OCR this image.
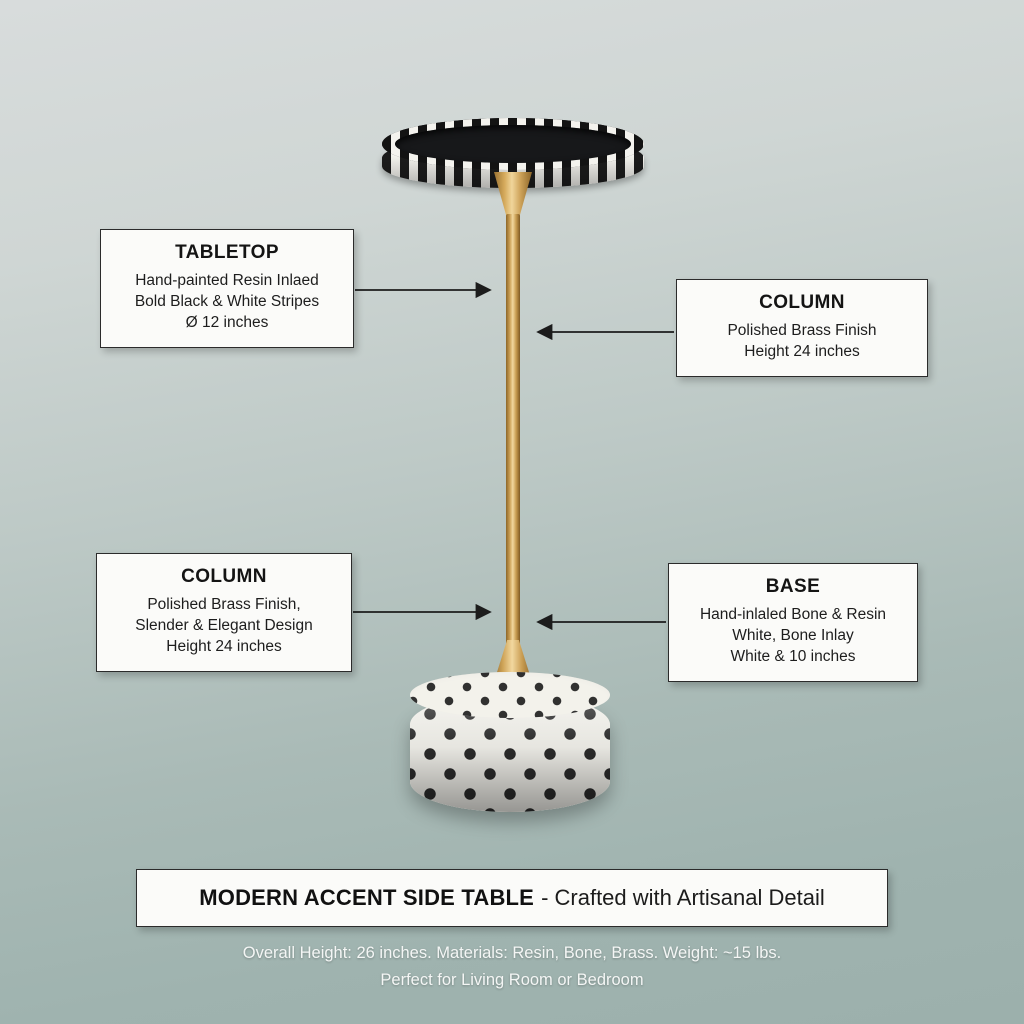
TABLETOP
Hand-painted Resin Inlaed
Bold Black & White Stripes
Ø 12 inches
COLUMN
Polished Brass Finish
Height 24 inches
COLUMN
Polished Brass Finish,
Slender & Elegant Design
Height 24 inches
BASE
Hand-inlaled Bone & Resin
White, Bone Inlay
White & 10 inches
MODERN ACCENT SIDE TABLE - Crafted with Artisanal Detail
Overall Height: 26 inches. Materials: Resin, Bone, Brass. Weight: ~15 lbs.
Perfect for Living Room or Bedroom
